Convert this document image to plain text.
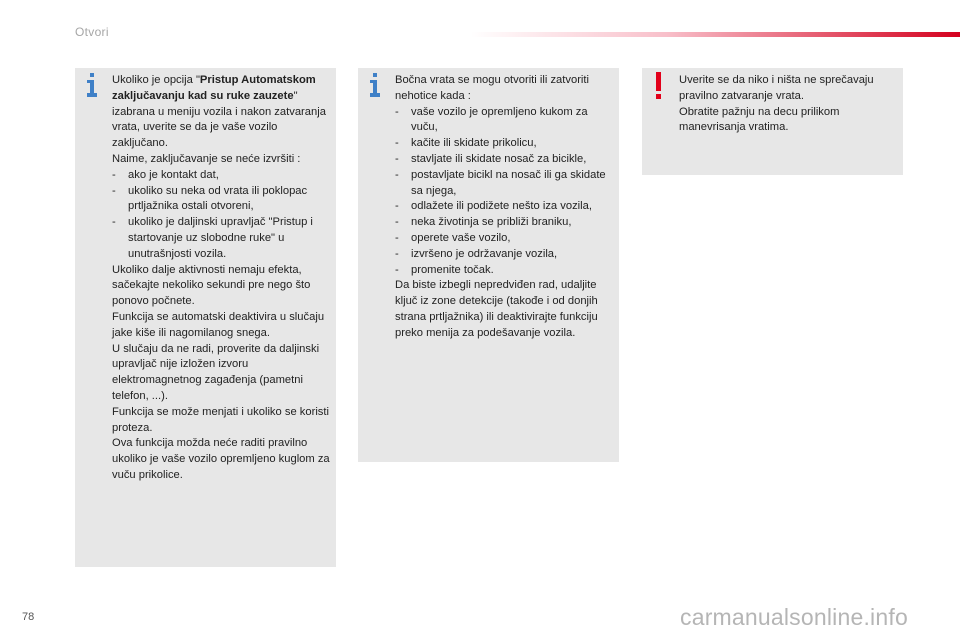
Otvori

Ukoliko je opcija "Pristup Automatskom zaključavanju kad su ruke zauzete" izabrana u meniju vozila i nakon zatvaranja vrata, uverite se da je vaše vozilo zaključano.

Naime, zaključavanje se neće izvršiti :

-	ako je kontakt dat,
-	ukoliko su neka od vrata ili poklopac prtljažnika ostali otvoreni,
-	ukoliko je daljinski upravljač "Pristup i startovanje uz slobodne ruke" u unutrašnjosti vozila.

Ukoliko dalje aktivnosti nemaju efekta, sačekajte nekoliko sekundi pre nego što ponovo počnete.

Funkcija se automatski deaktivira u slučaju jake kiše ili nagomilanog snega.

U slučaju da ne radi, proverite da daljinski upravljač nije izložen izvoru elektromagnetnog zagađenja (pametni telefon, ...).

Funkcija se može menjati i ukoliko se koristi proteza.

Ova funkcija možda neće raditi pravilno ukoliko je vaše vozilo opremljeno kuglom za vuču prikolice.

Bočna vrata se mogu otvoriti ili zatvoriti nehotice kada :

-	vaše vozilo je opremljeno kukom za vuču,
-	kačite ili skidate prikolicu,
-	stavljate ili skidate nosač za bicikle,
-	postavljate bicikl na nosač ili ga skidate sa njega,
-	odlažete ili podižete nešto iza vozila,
-	neka životinja se približi braniku,
-	operete vaše vozilo,
-	izvršeno je održavanje vozila,
-	promenite točak.

Da biste izbegli nepredviđen rad, udaljite ključ iz zone detekcije (takođe i od donjih strana prtljažnika) ili deaktivirajte funkciju preko menija za podešavanje vozila.

Uverite se da niko i ništa ne sprečavaju pravilno zatvaranje vrata.

Obratite pažnju na decu prilikom manevrisanja vratima.

78	carmanualsonline.info
